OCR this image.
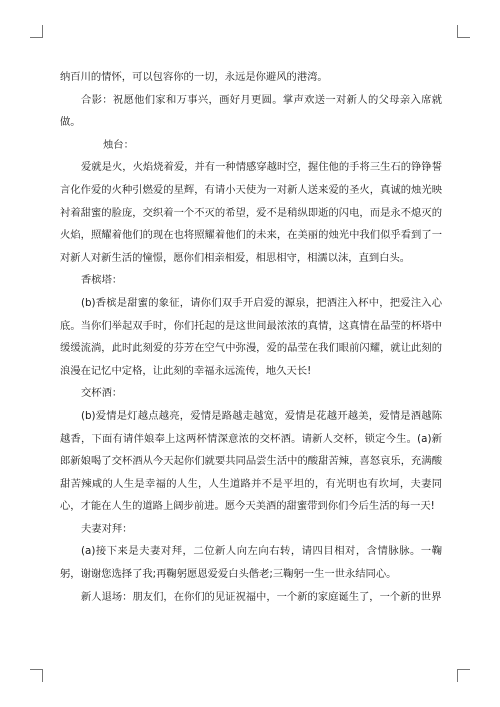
纳百川的情怀，可以包容你的一切，永远是你避风的港湾。

合影：祝愿他们家和万事兴，画好月更圆。掌声欢送一对新人的父母亲入席就做。

烛台：

爱就是火，火焰烧着爱，并有一种情感穿越时空，握住他的手将三生石的铮铮誓言化作爱的火种引燃爱的星辉，有请小天使为一对新人送来爱的圣火，真诚的烛光映衬着甜蜜的脸庞，交织着一个不灭的希望，爱不是稍纵即逝的闪电，而是永不熄灭的火焰，照耀着他们的现在也将照耀着他们的未来，在美丽的烛光中我们似乎看到了一对新人对新生活的憧憬，愿你们相亲相爱，相思相守，相濡以沫，直到白头。

香槟塔：

(b)香槟是甜蜜的象征，请你们双手开启爱的源泉，把酒注入杯中，把爱注入心底。当你们举起双手时，你们托起的是这世间最浓浓的真情，这真情在晶莹的杯塔中缓缓流淌，此时此刻爱的芬芳在空气中弥漫，爱的晶莹在我们眼前闪耀，就让此刻的浪漫在记忆中定格，让此刻的幸福永远流传，地久天长!

交杯酒：

(b)爱情是灯越点越亮，爱情是路越走越宽，爱情是花越开越美，爱情是酒越陈越香，下面有请伴娘奉上这两杯情深意浓的交杯酒。请新人交杯，锁定今生。(a)新郎新娘喝了交杯酒从今天起你们就要共同品尝生活中的酸甜苦辣，喜怒哀乐，充满酸甜苦辣咸的人生是幸福的人生，人生道路并不是平坦的，有光明也有坎坷，夫妻同心，才能在人生的道路上阔步前进。愿今天美酒的甜蜜带到你们今后生活的每一天!

夫妻对拜：

(a)接下来是夫妻对拜，二位新人向左向右转，请四目相对，含情脉脉。一鞠躬，谢谢您选择了我;再鞠躬愿恩爱爱白头偕老;三鞠躬一生一世永结同心。

新人退场：朋友们，在你们的见证祝福中，一个新的家庭诞生了，一个新的世界
